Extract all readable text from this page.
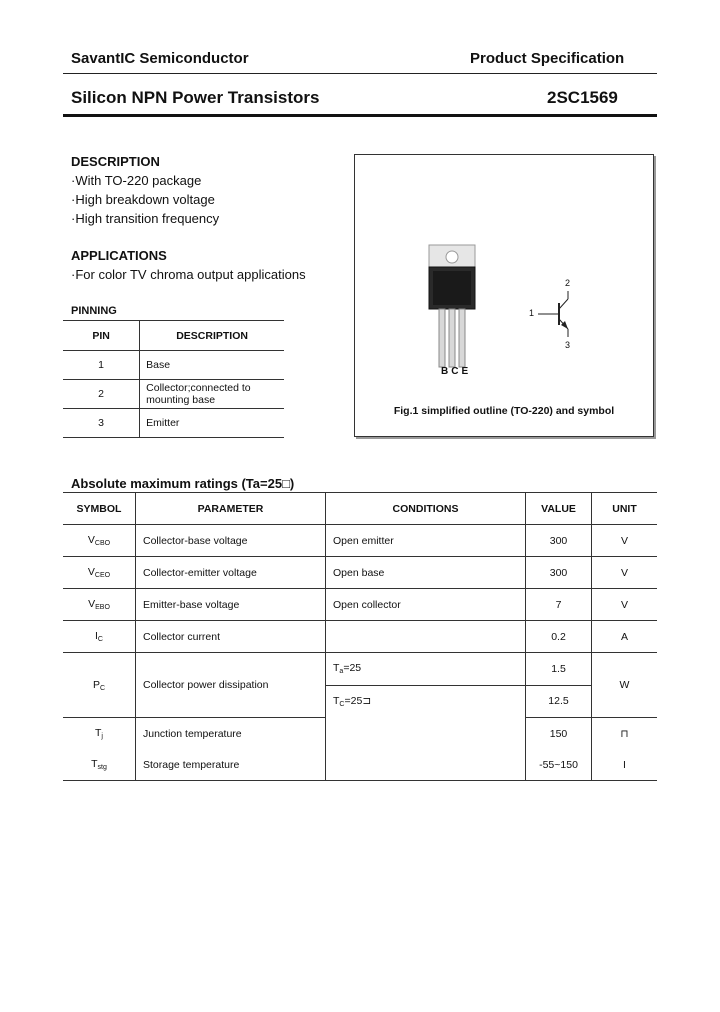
SavantIC Semiconductor	Product Specification
Silicon NPN Power Transistors	2SC1569
DESCRIPTION
·With TO-220 package
·High breakdown voltage
·High transition frequency
APPLICATIONS
·For color TV chroma output applications
PINNING
PIN	DESCRIPTION
1	Base
2	Collector;connected to mounting base
3	Emitter
BCE
1
2
3
Fig.1 simplified outline (TO-220) and symbol
Absolute maximum ratings (Ta=25□)
SYMBOL	PARAMETER	CONDITIONS	VALUE	UNIT
$V_{CBO}$	Collector-base voltage	Open emitter	300	V
$V_{CEO}$	Collector-emitter voltage	Open base	300	V
$V_{EBO}$	Emitter-base voltage	Open collector	7	V
$I_C$	Collector current		0.2	A
$P_C$	Collector power dissipation	$T_a=25$	1.5	W
		$T_C=25⊐$	12.5	
$T_j$	Junction temperature		150	⊓
$T_{stg}$	Storage temperature		-55~150	I
